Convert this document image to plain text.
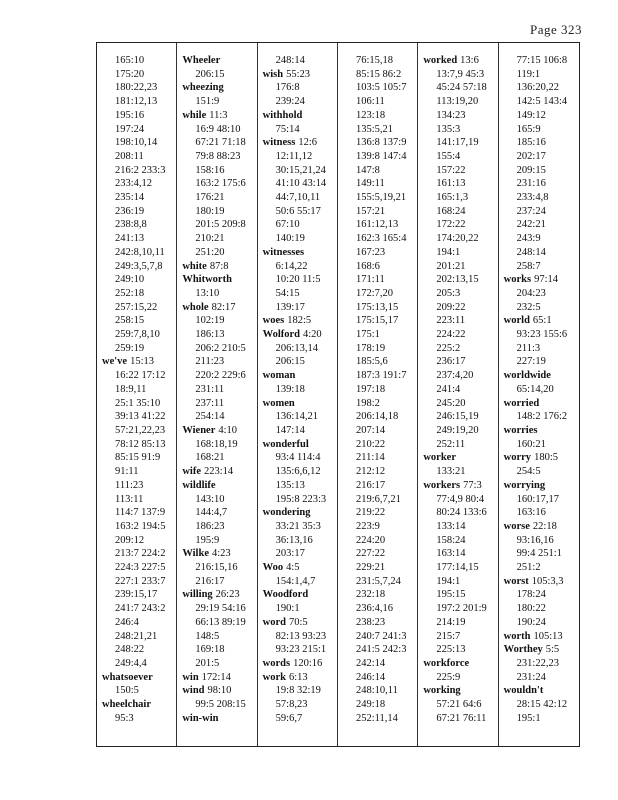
Page 323
165:10
175:20
180:22,23
181:12,13
195:16
197:24
198:10,14
208:11
216:2 233:3
233:4,12
235:14
236:19
238:8,8
241:13
242:8,10,11
249:3,5,7,8
249:10
252:18
257:15,22
258:15
259:7,8,10
259:19
we've 15:13
16:22 17:12
18:9,11
25:1 35:10
39:13 41:22
57:21,22,23
78:12 85:13
85:15 91:9
91:11
111:23
113:11
114:7 137:9
163:2 194:5
209:12
213:7 224:2
224:3 227:5
227:1 233:7
239:15,17
241:7 243:2
246:4
248:21,21
248:22
249:4,4
whatsoever
150:5
wheelchair
95:3
Wheeler
206:15
wheezing
151:9
while 11:3
16:9 48:10
67:21 71:18
79:8 88:23
158:16
163:2 175:6
176:21
180:19
201:5 209:8
210:21
251:20
white 87:8
Whitworth
13:10
whole 82:17
102:19
186:13
206:2 210:5
211:23
220:2 229:6
231:11
237:11
254:14
Wiener 4:10
168:18,19
168:21
wife 223:14
wildlife
143:10
144:4,7
186:23
195:9
Wilke 4:23
216:15,16
216:17
willing 26:23
29:19 54:16
66:13 89:19
148:5
169:18
201:5
win 172:14
wind 98:10
99:5 208:15
win-win
248:14
wish 55:23
176:8
239:24
withhold
75:14
witness 12:6
12:11,12
30:15,21,24
41:10 43:14
44:7,10,11
50:6 55:17
67:10
140:19
witnesses
6:14,22
10:20 11:5
54:15
139:17
woes 182:5
Wolford 4:20
206:13,14
206:15
woman
139:18
women
136:14,21
147:14
wonderful
93:4 114:4
135:6,6,12
135:13
195:8 223:3
wondering
33:21 35:3
36:13,16
203:17
Woo 4:5
154:1,4,7
Woodford
190:1
word 70:5
82:13 93:23
93:23 215:1
words 120:16
work 6:13
19:8 32:19
57:8,23
59:6,7
76:15,18
85:15 86:2
103:5 105:7
106:11
123:18
135:5,21
136:8 137:9
139:8 147:4
147:8
149:11
155:5,19,21
157:21
161:12,13
162:3 165:4
167:23
168:6
171:11
172:7,20
175:13,15
175:15,17
175:1
178:19
185:5,6
187:3 191:7
197:18
198:2
206:14,18
207:14
210:22
211:14
212:12
216:17
219:6,7,21
219:22
223:9
224:20
227:22
229:21
231:5,7,24
232:18
236:4,16
238:23
240:7 241:3
241:5 242:3
242:14
246:14
248:10,11
249:18
252:11,14
worked 13:6
13:7,9 45:3
45:24 57:18
113:19,20
134:23
135:3
141:17,19
155:4
157:22
161:13
165:1,3
168:24
172:22
174:20,22
194:1
201:21
202:13,15
205:3
209:22
223:11
224:22
225:2
236:17
237:4,20
241:4
245:20
246:15,19
249:19,20
252:11
worker
133:21
workers 77:3
77:4,9 80:4
80:24 133:6
133:14
158:24
163:14
177:14,15
194:1
195:15
197:2 201:9
214:19
215:7
225:13
workforce
225:9
working
57:21 64:6
67:21 76:11
77:15 106:8
119:1
136:20,22
142:5 143:4
149:12
165:9
185:16
202:17
209:15
231:16
233:4,8
237:24
242:21
243:9
248:14
258:7
works 97:14
204:23
232:5
world 65:1
93:23 155:6
211:3
227:19
worldwide
65:14,20
worried
148:2 176:2
worries
160:21
worry 180:5
254:5
worrying
160:17,17
163:16
worse 22:18
93:16,16
99:4 251:1
251:2
worst 105:3,3
178:24
180:22
190:24
worth 105:13
Worthey 5:5
231:22,23
231:24
wouldn't
28:15 42:12
195:1
